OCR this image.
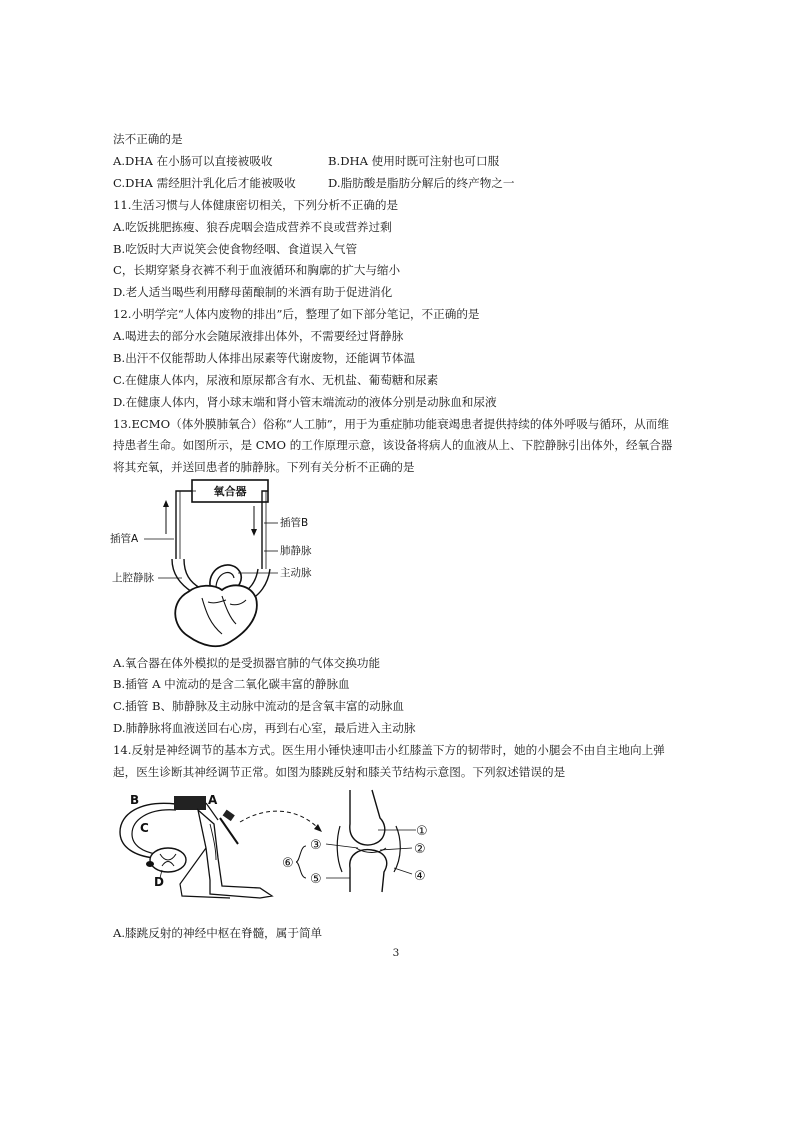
法不正确的是
A.DHA 在小肠可以直接被吸收	B.DHA 使用时既可注射也可口服
C.DHA 需经胆汁乳化后才能被吸收	D.脂肪酸是脂肪分解后的终产物之一
11.生活习惯与人体健康密切相关，下列分析不正确的是
A.吃饭挑肥拣瘦、狼吞虎咽会造成营养不良或营养过剩
B.吃饭时大声说笑会使食物经咽、食道误入气管
C，长期穿紧身衣裤不利于血液循环和胸廓的扩大与缩小
D.老人适当喝些利用酵母菌酿制的米酒有助于促进消化
12.小明学完“人体内废物的排出”后，整理了如下部分笔记，不正确的是
A.喝进去的部分水会随尿液排出体外，不需要经过肾静脉
B.出汗不仅能帮助人体排出尿素等代谢废物，还能调节体温
C.在健康人体内，尿液和原尿都含有水、无机盐、葡萄糖和尿素
D.在健康人体内，肾小球末端和肾小管末端流动的液体分别是动脉血和尿液
13.ECMO（体外膜肺氧合）俗称“人工肺”，用于为重症肺功能衰竭患者提供持续的体外呼吸与循环，从而维
持患者生命。如图所示，是 CMO 的工作原理示意，该设备将病人的血液从上、下腔静脉引出体外，经氧合器
将其充氧，并送回患者的肺静脉。下列有关分析不正确的是
氧合器
插管A
插管B
肺静脉
上腔静脉	主动脉
A.氧合器在体外模拟的是受损器官肺的气体交换功能
B.插管 A 中流动的是含二氧化碳丰富的静脉血
C.插管 B、肺静脉及主动脉中流动的是含氧丰富的动脉血
D.肺静脉将血液送回右心房，再到右心室，最后进入主动脉
14.反射是神经调节的基本方式。医生用小锤快速叩击小红膝盖下方的韧带时，她的小腿会不由自主地向上弹
起，医生诊断其神经调节正常。如图为膝跳反射和膝关节结构示意图。下列叙述错误的是
B	A
C
D
①
②
③
④
⑤
⑥
A.膝跳反射的神经中枢在脊髓，属于简单
3
